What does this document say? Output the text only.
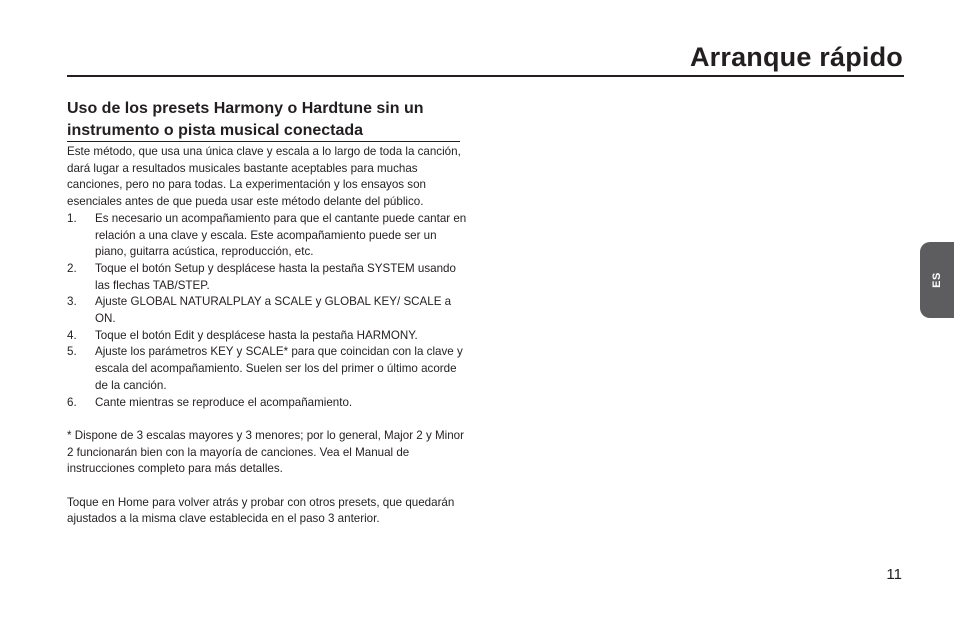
Arranque rápido
Uso de los presets Harmony o Hardtune sin un instrumento o pista musical conectada

Este método, que usa una única clave y escala a lo largo de toda la canción, dará lugar a resultados musicales bastante aceptables para muchas canciones, pero no para todas. La experimentación y los ensayos son esenciales antes de que pueda usar este método delante del público.

1. Es necesario un acompañamiento para que el cantante puede cantar en relación a una clave y escala. Este acompañamiento puede ser un piano, guitarra acústica, reproducción, etc.
2. Toque el botón Setup y desplácese hasta la pestaña SYSTEM usando las flechas TAB/STEP.
3. Ajuste GLOBAL NATURALPLAY a SCALE y GLOBAL KEY/ SCALE a ON.
4. Toque el botón Edit y desplácese hasta la pestaña HARMONY.
5. Ajuste los parámetros KEY y SCALE* para que coincidan con la clave y escala del acompañamiento. Suelen ser los del primer o último acorde de la canción.
6. Cante mientras se reproduce el acompañamiento.

* Dispone de 3 escalas mayores y 3 menores; por lo general, Major 2 y Minor 2 funcionarán bien con la mayoría de canciones. Vea el Manual de instrucciones completo para más detalles.

Toque en Home para volver atrás y probar con otros presets, que quedarán ajustados a la misma clave establecida en el paso 3 anterior.

ES
11
